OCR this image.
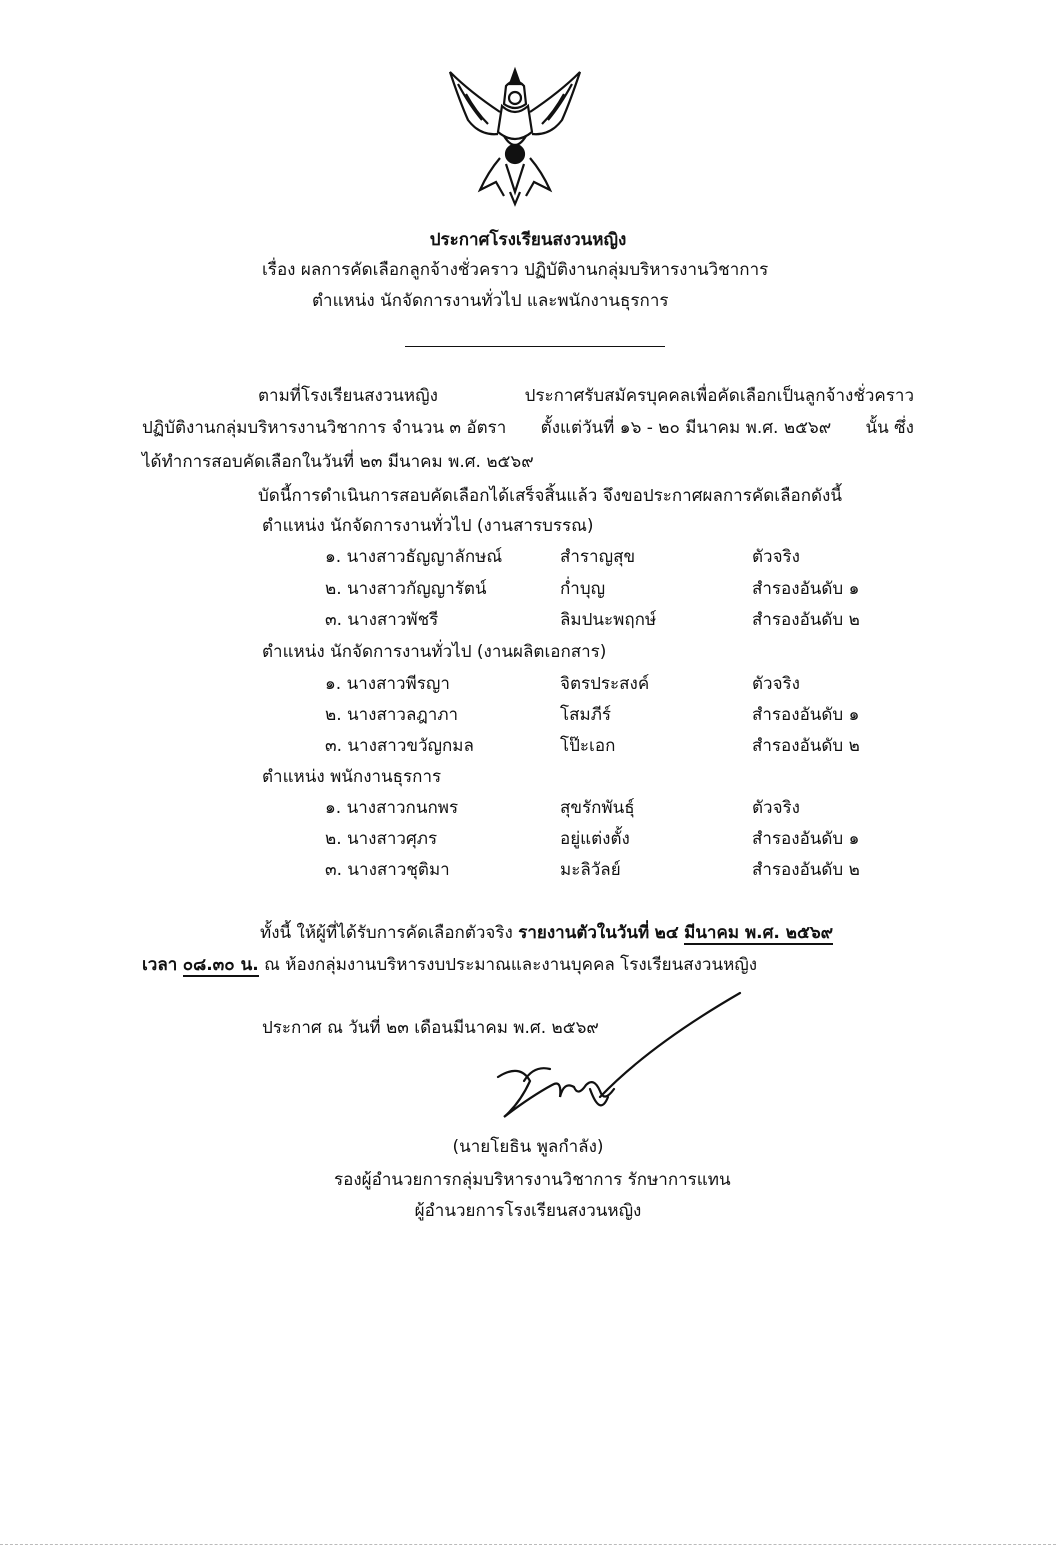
ประกาศโรงเรียนสงวนหญิง
เรื่อง ผลการคัดเลือกลูกจ้างชั่วคราว ปฏิบัติงานกลุ่มบริหารงานวิชาการ
ตำแหน่ง นักจัดการงานทั่วไป และพนักงานธุรการ
ตามที่โรงเรียนสงวนหญิง	ประกาศรับสมัครบุคคลเพื่อคัดเลือกเป็นลูกจ้างชั่วคราว
ปฏิบัติงานกลุ่มบริหารงานวิชาการ จำนวน ๓ อัตรา ตั้งแต่วันที่ ๑๖ - ๒๐ มีนาคม พ.ศ. ๒๕๖๙ นั้น ซึ่ง
ได้ทำการสอบคัดเลือกในวันที่ ๒๓ มีนาคม พ.ศ. ๒๕๖๙
บัดนี้การดำเนินการสอบคัดเลือกได้เสร็จสิ้นแล้ว จึงขอประกาศผลการคัดเลือกดังนี้
ตำแหน่ง นักจัดการงานทั่วไป (งานสารบรรณ)
๑. นางสาวธัญญาลักษณ์	สำราญสุข	ตัวจริง
๒. นางสาวกัญญารัตน์	ก่ำบุญ	สำรองอันดับ ๑
๓. นางสาวพัชรี	ลิมปนะพฤกษ์	สำรองอันดับ ๒
ตำแหน่ง นักจัดการงานทั่วไป (งานผลิตเอกสาร)
๑. นางสาวพีรญา	จิตรประสงค์	ตัวจริง
๒. นางสาวลฎาภา	โสมภีร์	สำรองอันดับ ๑
๓. นางสาวขวัญกมล	โป๊ะเอก	สำรองอันดับ ๒
ตำแหน่ง พนักงานธุรการ
๑. นางสาวกนกพร	สุขรักพันธุ์	ตัวจริง
๒. นางสาวศุภร	อยู่แต่งตั้ง	สำรองอันดับ ๑
๓. นางสาวชุติมา	มะลิวัลย์	สำรองอันดับ ๒
ทั้งนี้ ให้ผู้ที่ได้รับการคัดเลือกตัวจริง รายงานตัวในวันที่ ๒๔ มีนาคม พ.ศ. ๒๕๖๙
เวลา ๐๘.๓๐ น. ณ ห้องกลุ่มงานบริหารงบประมาณและงานบุคคล โรงเรียนสงวนหญิง
ประกาศ ณ วันที่ ๒๓ เดือนมีนาคม พ.ศ. ๒๕๖๙
(นายโยธิน พูลกำลัง)
รองผู้อำนวยการกลุ่มบริหารงานวิชาการ รักษาการแทน
ผู้อำนวยการโรงเรียนสงวนหญิง
